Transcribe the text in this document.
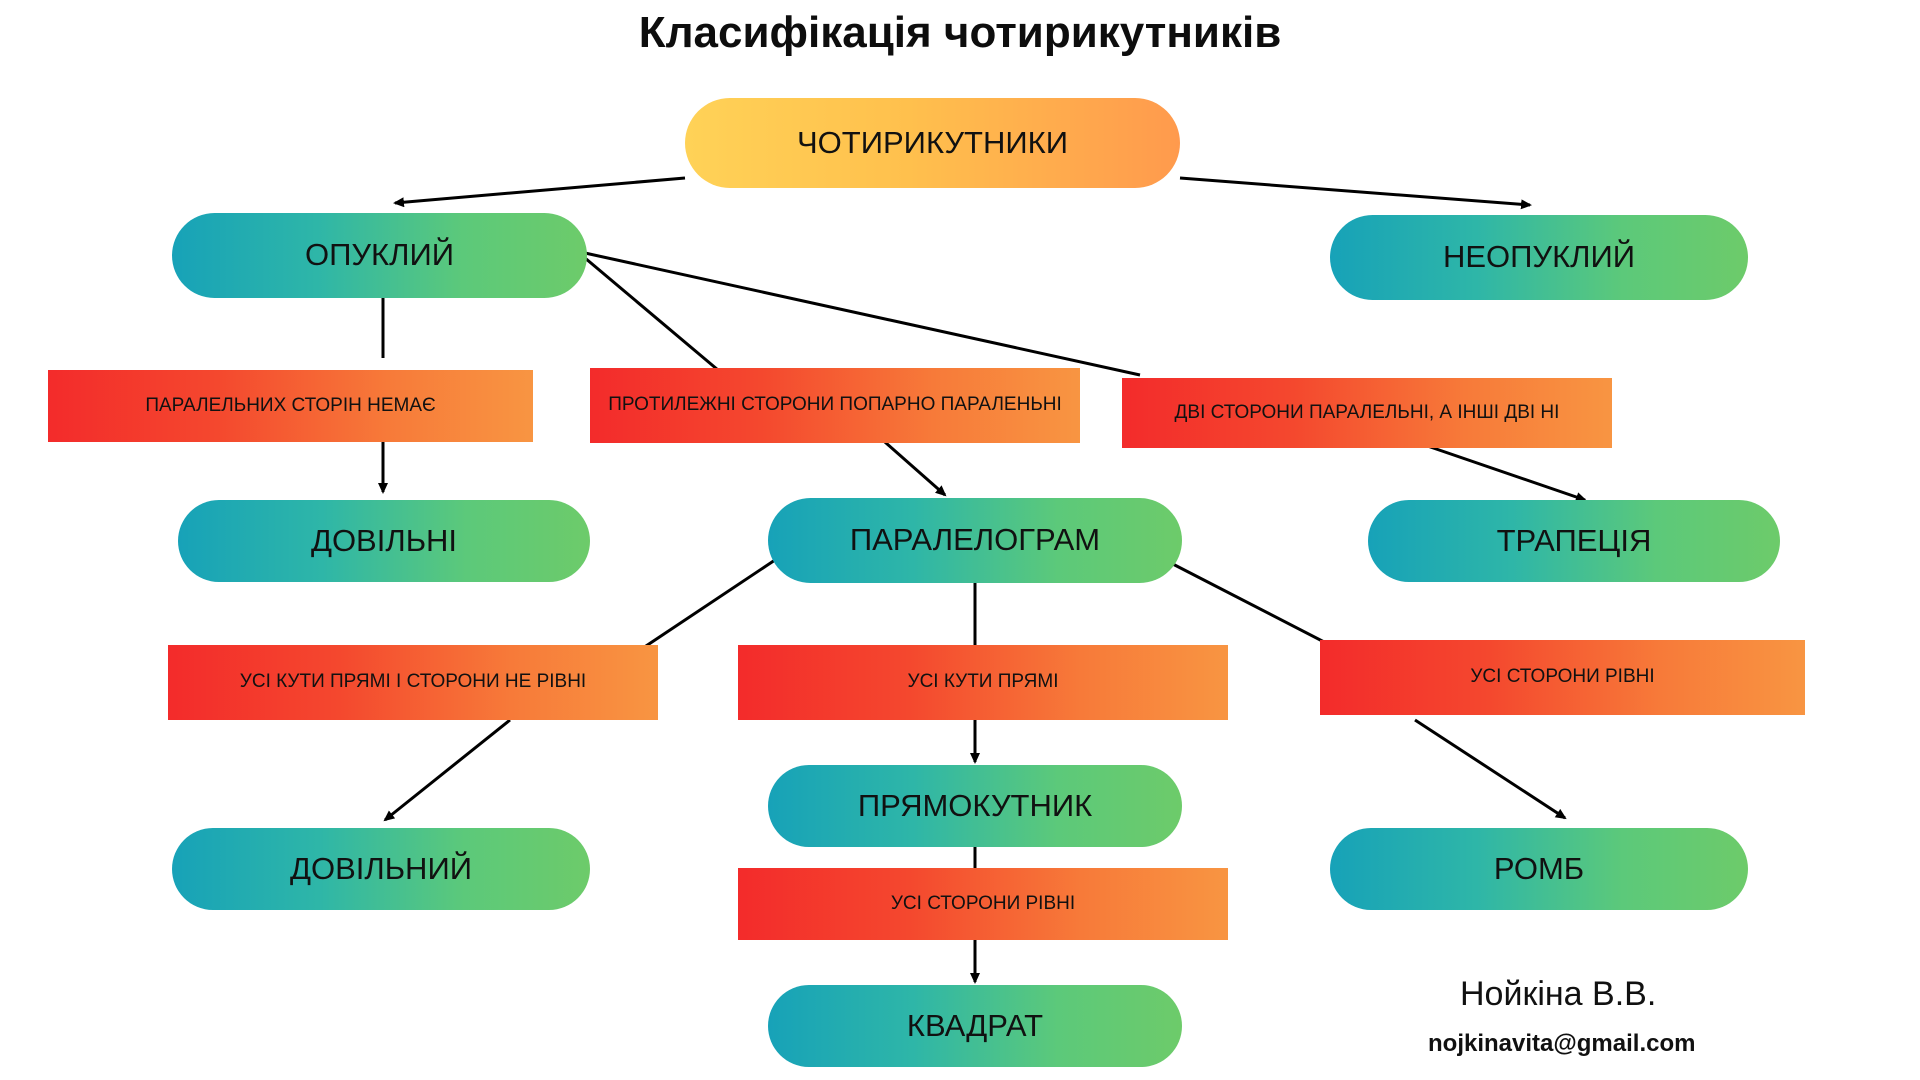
Класифікація чотирикутників
ЧОТИРИКУТНИКИ
ОПУКЛИЙ	НЕОПУКЛИЙ
ПАРАЛЕЛЬНИХ СТОРІН НЕМАЄ	ПРОТИЛЕЖНІ СТОРОНИ ПОПАРНО ПАРАЛЕНЬНІ	ДВІ СТОРОНИ ПАРАЛЕЛЬНІ, А ІНШІ ДВІ НІ
ДОВІЛЬНІ	ПАРАЛЕЛОГРАМ	ТРАПЕЦІЯ
УСІ КУТИ ПРЯМІ І СТОРОНИ НЕ РІВНІ	УСІ КУТИ ПРЯМІ	УСІ СТОРОНИ РІВНІ
ДОВІЛЬНИЙ
ПРЯМОКУТНИК
РОМБ
УСІ СТОРОНИ РІВНІ
КВАДРАТ
Нойкіна В.В.
nojkinavita@gmail.com
